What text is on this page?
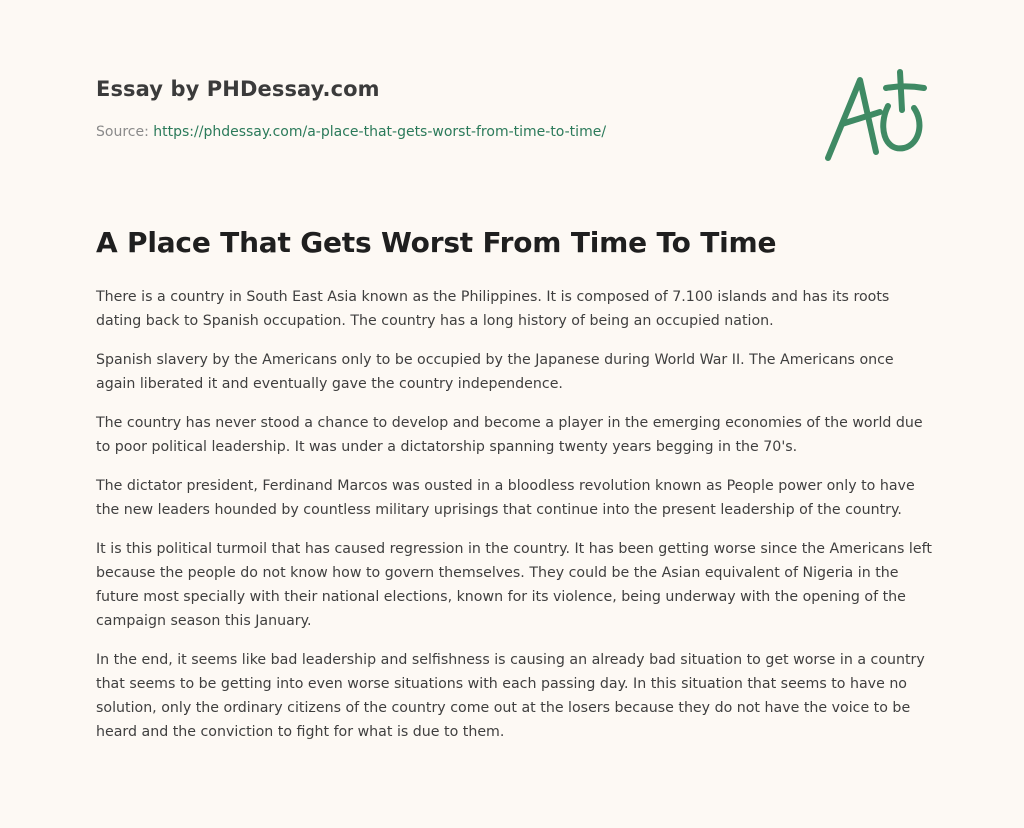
Essay by PHDessay.com
Source: https://phdessay.com/a-place-that-gets-worst-from-time-to-time/
A Place That Gets Worst From Time To Time

There is a country in South East Asia known as the Philippines. It is composed of 7.100 islands and has its roots dating back to Spanish occupation. The country has a long history of being an occupied nation.

Spanish slavery by the Americans only to be occupied by the Japanese during World War II. The Americans once again liberated it and eventually gave the country independence.

The country has never stood a chance to develop and become a player in the emerging economies of the world due to poor political leadership. It was under a dictatorship spanning twenty years begging in the 70's.

The dictator president, Ferdinand Marcos was ousted in a bloodless revolution known as People power only to have the new leaders hounded by countless military uprisings that continue into the present leadership of the country.

It is this political turmoil that has caused regression in the country. It has been getting worse since the Americans left because the people do not know how to govern themselves. They could be the Asian equivalent of Nigeria in the future most specially with their national elections, known for its violence, being underway with the opening of the campaign season this January.

In the end, it seems like bad leadership and selfishness is causing an already bad situation to get worse in a country that seems to be getting into even worse situations with each passing day. In this situation that seems to have no solution, only the ordinary citizens of the country come out at the losers because they do not have the voice to be heard and the conviction to fight for what is due to them.
